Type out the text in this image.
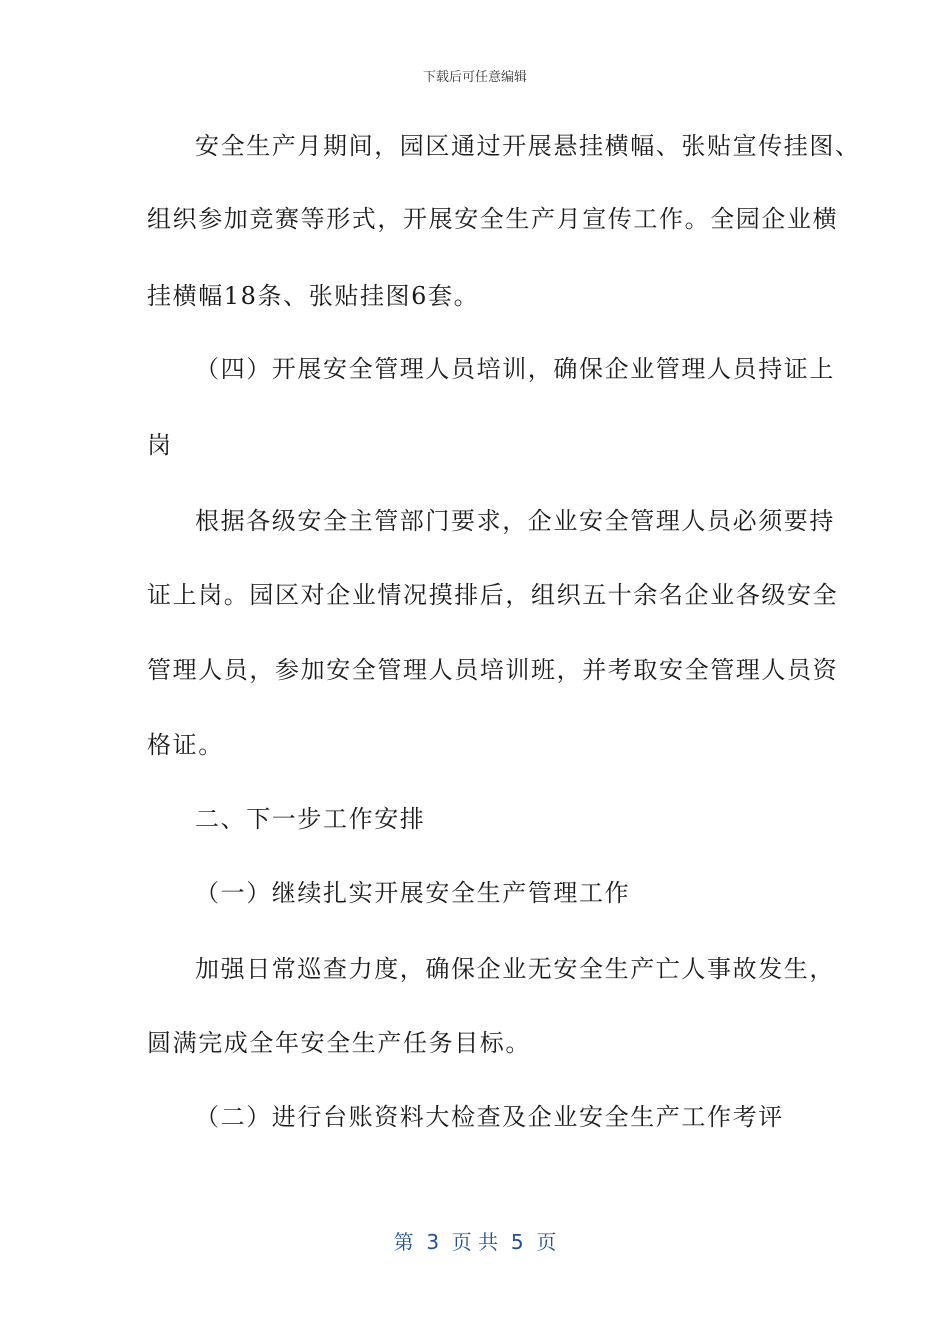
下载后可任意编辑
安全生产月期间，园区通过开展悬挂横幅、张贴宣传挂图、
组织参加竞赛等形式，开展安全生产月宣传工作。全园企业横
挂横幅18条、张贴挂图6套。
（四）开展安全管理人员培训，确保企业管理人员持证上
岗
根据各级安全主管部门要求，企业安全管理人员必须要持
证上岗。园区对企业情况摸排后，组织五十余名企业各级安全
管理人员，参加安全管理人员培训班，并考取安全管理人员资
格证。
二、下一步工作安排
（一）继续扎实开展安全生产管理工作
加强日常巡查力度，确保企业无安全生产亡人事故发生，
圆满完成全年安全生产任务目标。
（二）进行台账资料大检查及企业安全生产工作考评
第  3  页 共  5  页
